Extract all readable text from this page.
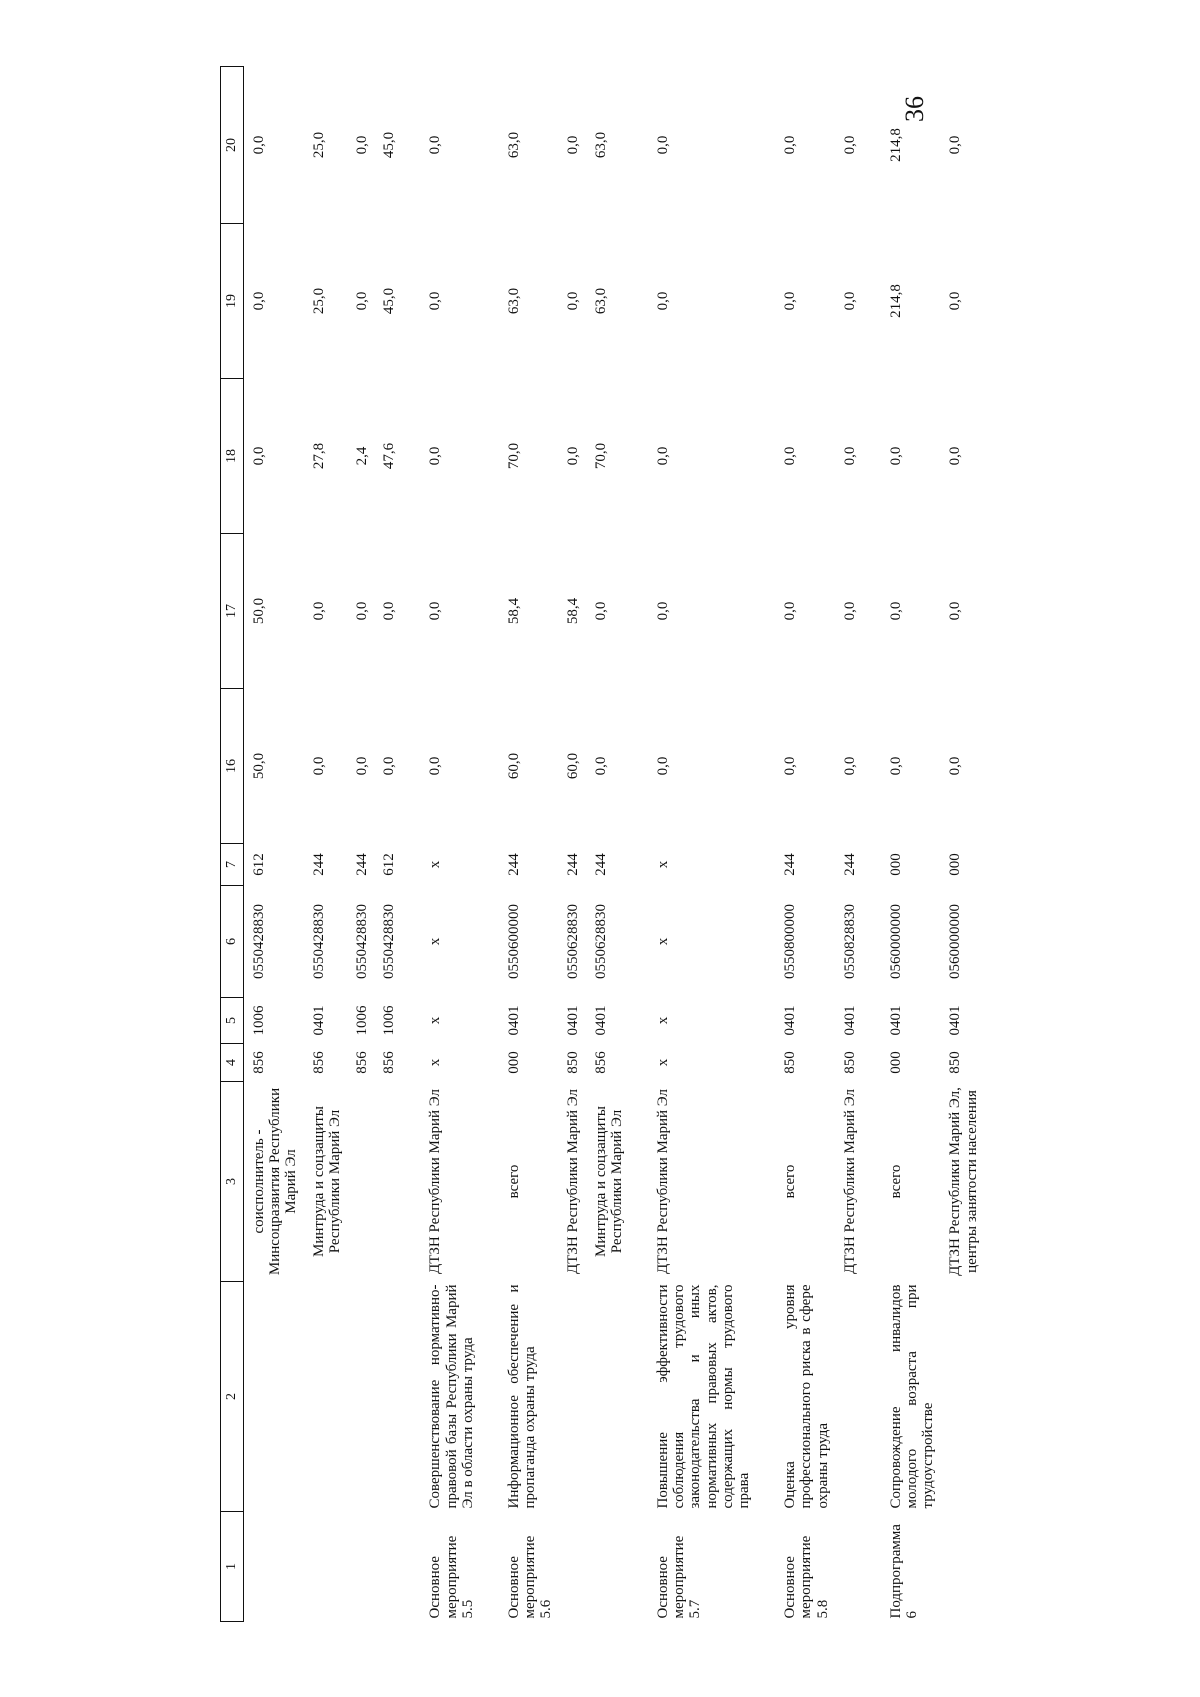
36
1	2	3	4	5	6	7	16	17	18	19	20
		соисполнитель - Минсоцразвития Республики Марий Эл	856	1006	0550428830	612	50,0	50,0	0,0	0,0	0,0
		Минтруда и соцзащиты Республики Марий Эл	856	0401	0550428830	244	0,0	0,0	27,8	25,0	25,0
			856	1006	0550428830	244	0,0	0,0	2,4	0,0	0,0
			856	1006	0550428830	612	0,0	0,0	47,6	45,0	45,0

Основное мероприятие 5.5	Совершенствование нормативно-правовой базы Республики Марий Эл в области охраны труда	ДТЗН Республики Марий Эл	x	x	x	x	0,0	0,0	0,0	0,0	0,0

Основное мероприятие 5.6	Информационное обеспечение и пропаганда охраны труда	всего	000	0401	0550600000	244	60,0	58,4	70,0	63,0	63,0
		ДТЗН Республики Марий Эл	850	0401	0550628830	244	60,0	58,4	0,0	0,0	0,0
		Минтруда и соцзащиты Республики Марий Эл	856	0401	0550628830	244	0,0	0,0	70,0	63,0	63,0

Основное мероприятие 5.7	Повышение эффективности соблюдения трудового законодательства и иных нормативных правовых актов, содержащих нормы трудового права	ДТЗН Республики Марий Эл	x	x	x	x	0,0	0,0	0,0	0,0	0,0

Основное мероприятие 5.8	Оценка уровня профессионального риска в сфере охраны труда	всего	850	0401	0550800000	244	0,0	0,0	0,0	0,0	0,0
		ДТЗН Республики Марий Эл	850	0401	0550828830	244	0,0	0,0	0,0	0,0	0,0

Подпрограмма 6	Сопровождение инвалидов молодого возраста при трудоустройстве	всего	000	0401	0560000000	000	0,0	0,0	0,0	214,8	214,8
		ДТЗН Республики Марий Эл, центры занятости населения	850	0401	0560000000	000	0,0	0,0	0,0	0,0	0,0
